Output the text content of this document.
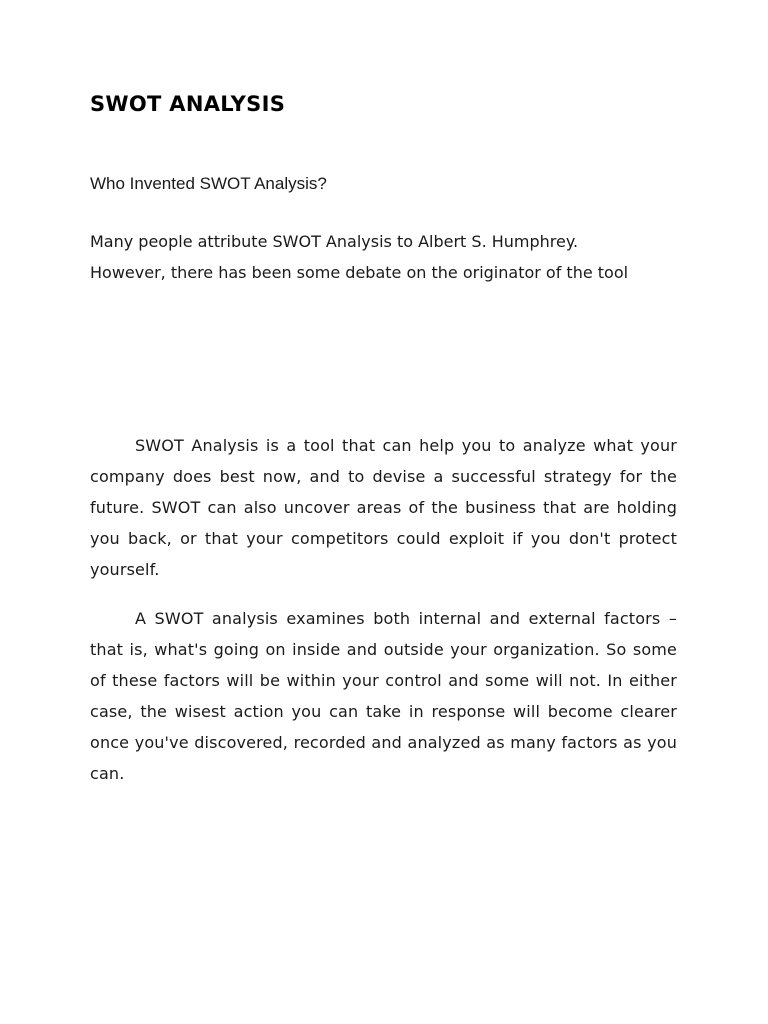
SWOT ANALYSIS
Who Invented SWOT Analysis?

Many people attribute SWOT Analysis to Albert S. Humphrey.
However, there has been some debate on the originator of the tool

SWOT Analysis is a tool that can help you to analyze what your company does best now, and to devise a successful strategy for the future. SWOT can also uncover areas of the business that are holding you back, or that your competitors could exploit if you don't protect yourself.

A SWOT analysis examines both internal and external factors – that is, what's going on inside and outside your organization. So some of these factors will be within your control and some will not. In either case, the wisest action you can take in response will become clearer once you've discovered, recorded and analyzed as many factors as you can.
